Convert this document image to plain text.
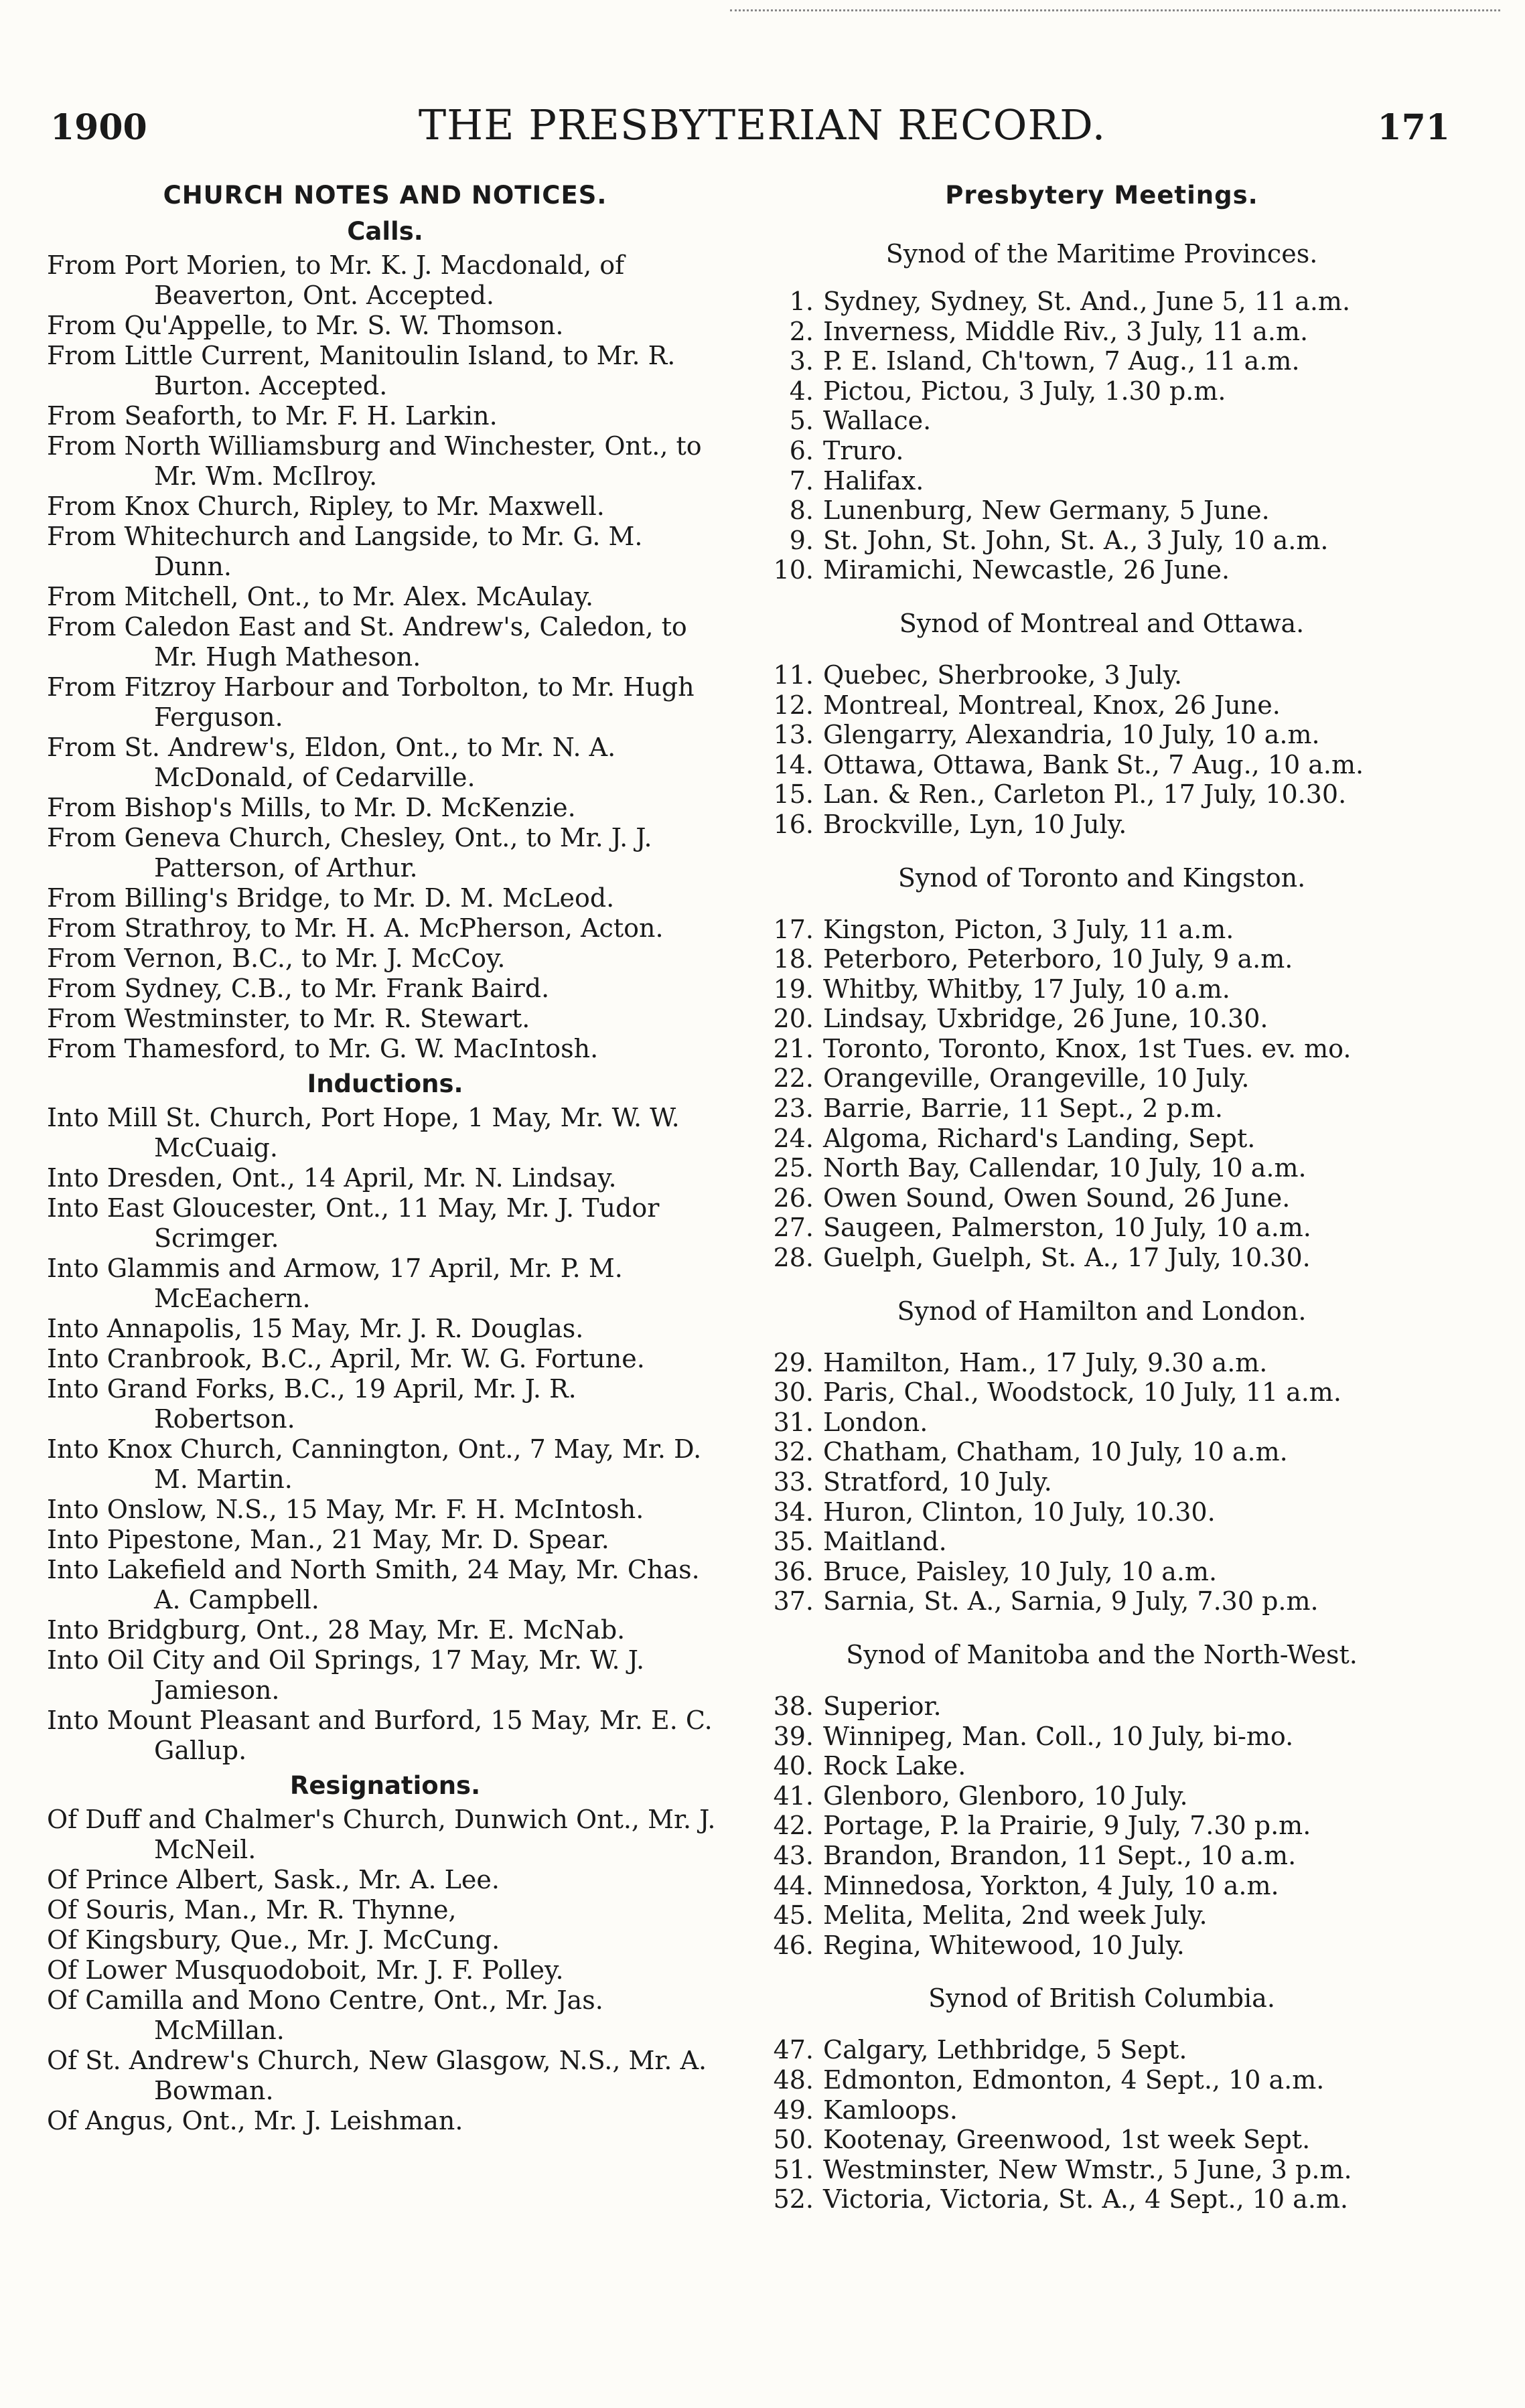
1900	THE PRESBYTERIAN RECORD.	171
CHURCH NOTES AND NOTICES.
Calls.
From Port Morien, to Mr. K. J. Macdonald, of Beaverton, Ont. Accepted.
From Qu'Appelle, to Mr. S. W. Thomson.
From Little Current, Manitoulin Island, to Mr. R. Burton. Accepted.
From Seaforth, to Mr. F. H. Larkin.
From North Williamsburg and Winchester, Ont., to Mr. Wm. McIlroy.
From Knox Church, Ripley, to Mr. Maxwell.
From Whitechurch and Langside, to Mr. G. M. Dunn.
From Mitchell, Ont., to Mr. Alex. McAulay.
From Caledon East and St. Andrew's, Caledon, to Mr. Hugh Matheson.
From Fitzroy Harbour and Torbolton, to Mr. Hugh Ferguson.
From St. Andrew's, Eldon, Ont., to Mr. N. A. McDonald, of Cedarville.
From Bishop's Mills, to Mr. D. McKenzie.
From Geneva Church, Chesley, Ont., to Mr. J. J. Patterson, of Arthur.
From Billing's Bridge, to Mr. D. M. McLeod.
From Strathroy, to Mr. H. A. McPherson, Acton.
From Vernon, B.C., to Mr. J. McCoy.
From Sydney, C.B., to Mr. Frank Baird.
From Westminster, to Mr. R. Stewart.
From Thamesford, to Mr. G. W. MacIntosh.
Inductions.
Into Mill St. Church, Port Hope, 1 May, Mr. W. W. McCuaig.
Into Dresden, Ont., 14 April, Mr. N. Lindsay.
Into East Gloucester, Ont., 11 May, Mr. J. Tudor Scrimger.
Into Glammis and Armow, 17 April, Mr. P. M. McEachern.
Into Annapolis, 15 May, Mr. J. R. Douglas.
Into Cranbrook, B.C., April, Mr. W. G. Fortune.
Into Grand Forks, B.C., 19 April, Mr. J. R. Robertson.
Into Knox Church, Cannington, Ont., 7 May, Mr. D. M. Martin.
Into Onslow, N.S., 15 May, Mr. F. H. McIntosh.
Into Pipestone, Man., 21 May, Mr. D. Spear.
Into Lakefield and North Smith, 24 May, Mr. Chas. A. Campbell.
Into Bridgburg, Ont., 28 May, Mr. E. McNab.
Into Oil City and Oil Springs, 17 May, Mr. W. J. Jamieson.
Into Mount Pleasant and Burford, 15 May, Mr. E. C. Gallup.
Resignations.
Of Duff and Chalmer's Church, Dunwich Ont., Mr. J. McNeil.
Of Prince Albert, Sask., Mr. A. Lee.
Of Souris, Man., Mr. R. Thynne,
Of Kingsbury, Que., Mr. J. McCung.
Of Lower Musquodoboit, Mr. J. F. Polley.
Of Camilla and Mono Centre, Ont., Mr. Jas. McMillan.
Of St. Andrew's Church, New Glasgow, N.S., Mr. A. Bowman.
Of Angus, Ont., Mr. J. Leishman.
Presbytery Meetings.
Synod of the Maritime Provinces.
1. Sydney, Sydney, St. And., June 5, 11 a.m.
2. Inverness, Middle Riv., 3 July, 11 a.m.
3. P. E. Island, Ch'town, 7 Aug., 11 a.m.
4. Pictou, Pictou, 3 July, 1.30 p.m.
5. Wallace.
6. Truro.
7. Halifax.
8. Lunenburg, New Germany, 5 June.
9. St. John, St. John, St. A., 3 July, 10 a.m.
10. Miramichi, Newcastle, 26 June.
Synod of Montreal and Ottawa.
11. Quebec, Sherbrooke, 3 July.
12. Montreal, Montreal, Knox, 26 June.
13. Glengarry, Alexandria, 10 July, 10 a.m.
14. Ottawa, Ottawa, Bank St., 7 Aug., 10 a.m.
15. Lan. & Ren., Carleton Pl., 17 July, 10.30.
16. Brockville, Lyn, 10 July.
Synod of Toronto and Kingston.
17. Kingston, Picton, 3 July, 11 a.m.
18. Peterboro, Peterboro, 10 July, 9 a.m.
19. Whitby, Whitby, 17 July, 10 a.m.
20. Lindsay, Uxbridge, 26 June, 10.30.
21. Toronto, Toronto, Knox, 1st Tues. ev. mo.
22. Orangeville, Orangeville, 10 July.
23. Barrie, Barrie, 11 Sept., 2 p.m.
24. Algoma, Richard's Landing, Sept.
25. North Bay, Callendar, 10 July, 10 a.m.
26. Owen Sound, Owen Sound, 26 June.
27. Saugeen, Palmerston, 10 July, 10 a.m.
28. Guelph, Guelph, St. A., 17 July, 10.30.
Synod of Hamilton and London.
29. Hamilton, Ham., 17 July, 9.30 a.m.
30. Paris, Chal., Woodstock, 10 July, 11 a.m.
31. London.
32. Chatham, Chatham, 10 July, 10 a.m.
33. Stratford, 10 July.
34. Huron, Clinton, 10 July, 10.30.
35. Maitland.
36. Bruce, Paisley, 10 July, 10 a.m.
37. Sarnia, St. A., Sarnia, 9 July, 7.30 p.m.
Synod of Manitoba and the North-West.
38. Superior.
39. Winnipeg, Man. Coll., 10 July, bi-mo.
40. Rock Lake.
41. Glenboro, Glenboro, 10 July.
42. Portage, P. la Prairie, 9 July, 7.30 p.m.
43. Brandon, Brandon, 11 Sept., 10 a.m.
44. Minnedosa, Yorkton, 4 July, 10 a.m.
45. Melita, Melita, 2nd week July.
46. Regina, Whitewood, 10 July.
Synod of British Columbia.
47. Calgary, Lethbridge, 5 Sept.
48. Edmonton, Edmonton, 4 Sept., 10 a.m.
49. Kamloops.
50. Kootenay, Greenwood, 1st week Sept.
51. Westminster, New Wmstr., 5 June, 3 p.m.
52. Victoria, Victoria, St. A., 4 Sept., 10 a.m.
